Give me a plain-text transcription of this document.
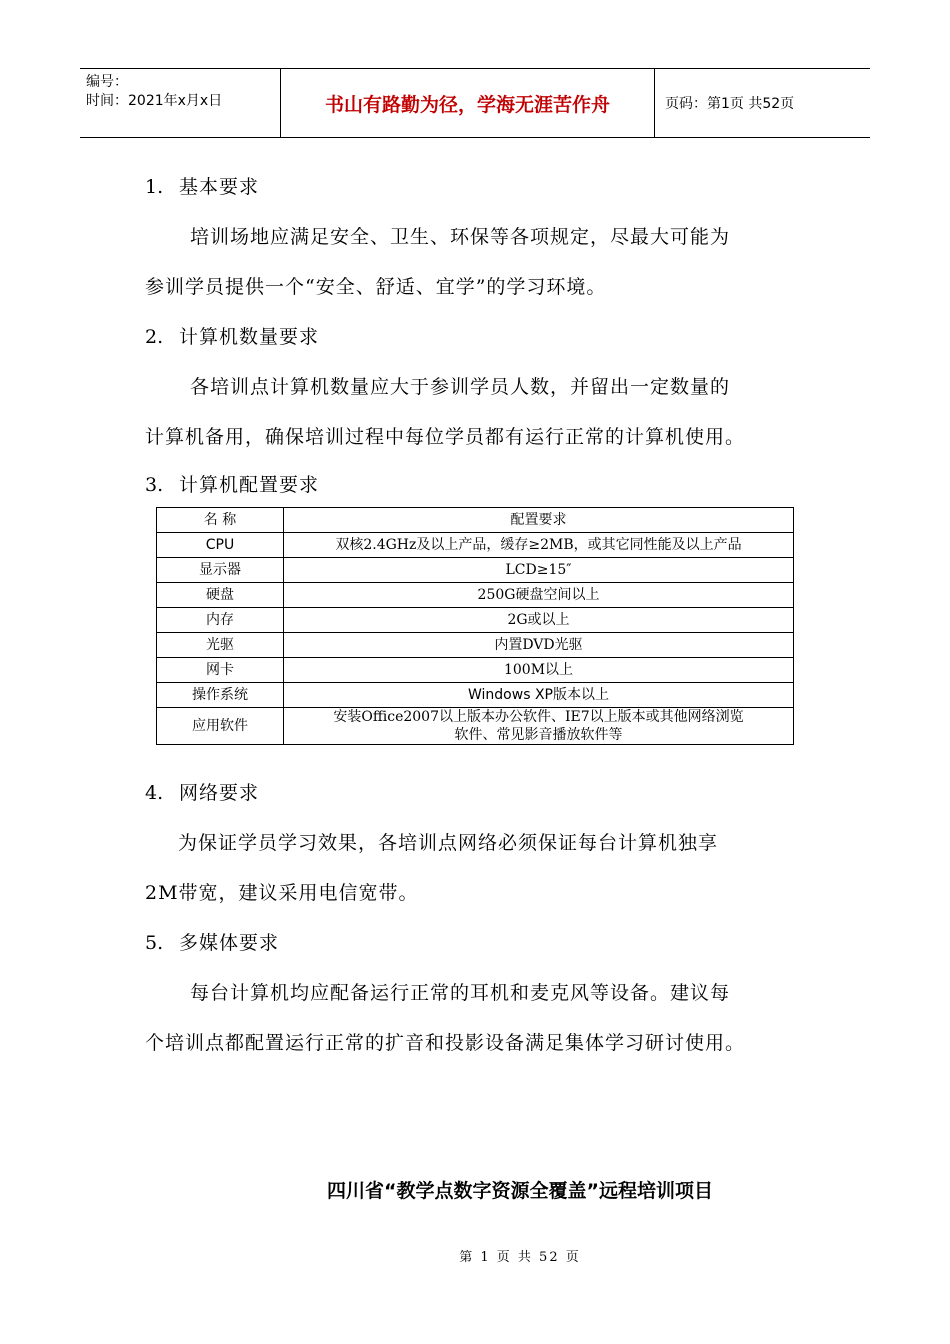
编号：
时间：2021年x月x日	书山有路勤为径，学海无涯苦作舟	页码：第1页 共52页
1. 基本要求
培训场地应满足安全、卫生、环保等各项规定，尽最大可能为
参训学员提供一个“安全、舒适、宜学”的学习环境。
2. 计算机数量要求
各培训点计算机数量应大于参训学员人数，并留出一定数量的
计算机备用，确保培训过程中每位学员都有运行正常的计算机使用。
3. 计算机配置要求
名 称	配置要求
CPU	双核2.4GHz及以上产品，缓存≥2MB，或其它同性能及以上产品
显示器	LCD≥15″
硬盘	250G硬盘空间以上
内存	2G或以上
光驱	内置DVD光驱
网卡	100M以上
操作系统	Windows XP版本以上
应用软件	安装Office2007以上版本办公软件、IE7以上版本或其他网络浏览
软件、常见影音播放软件等
4. 网络要求
为保证学员学习效果，各培训点网络必须保证每台计算机独享
2M带宽，建议采用电信宽带。
5. 多媒体要求
每台计算机均应配备运行正常的耳机和麦克风等设备。建议每
个培训点都配置运行正常的扩音和投影设备满足集体学习研讨使用。
四川省“教学点数字资源全覆盖”远程培训项目
第 1 页 共 52 页
